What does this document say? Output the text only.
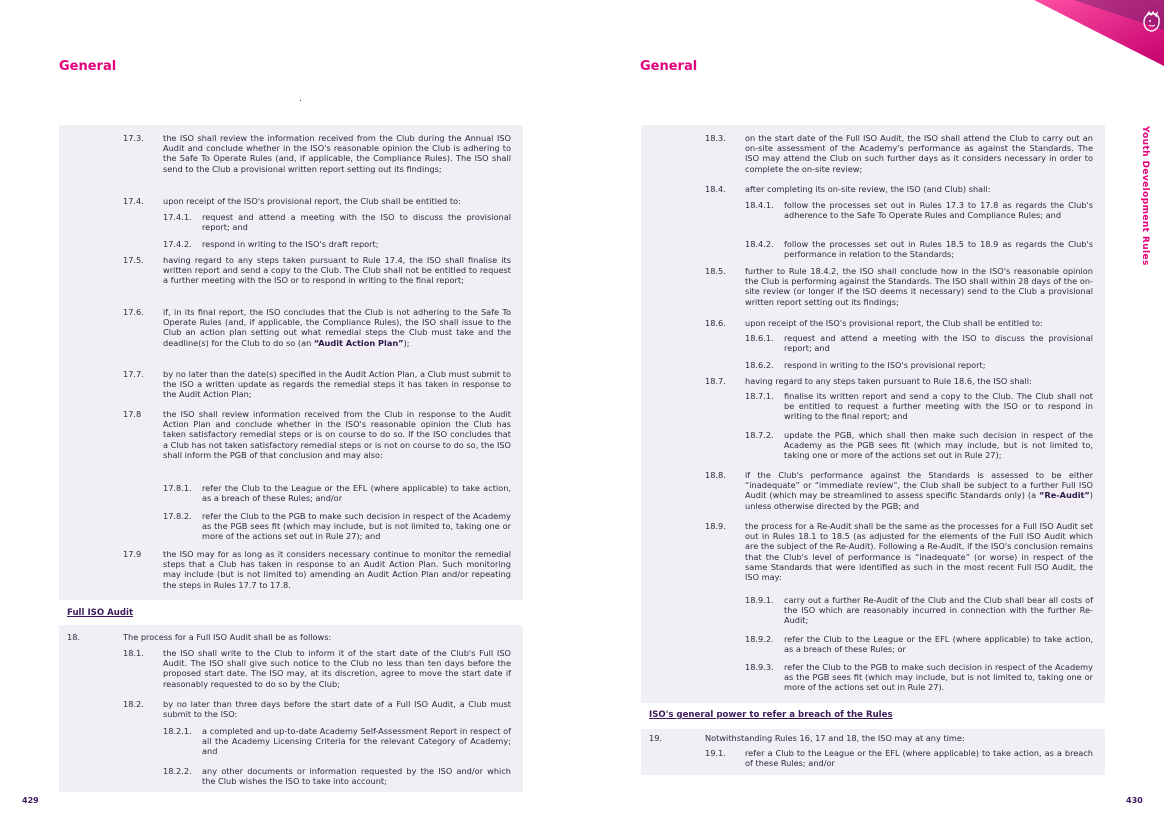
General
Full ISO Audit
17.3. the ISO shall review the information received from the Club during the Annual ISO Audit and conclude whether in the ISO's reasonable opinion the Club is adhering to the Safe To Operate Rules (and, if applicable, the Compliance Rules). The ISO shall send to the Club a provisional written report setting out its findings;
17.4. upon receipt of the ISO's provisional report, the Club shall be entitled to:
17.4.1. request and attend a meeting with the ISO to discuss the provisional report; and
17.4.2. respond in writing to the ISO's draft report;
17.5. having regard to any steps taken pursuant to Rule 17.4, the ISO shall finalise its written report and send a copy to the Club. The Club shall not be entitled to request a further meeting with the ISO or to respond in writing to the final report;
17.6. if, in its final report, the ISO concludes that the Club is not adhering to the Safe To Operate Rules (and, if applicable, the Compliance Rules), the ISO shall issue to the Club an action plan setting out what remedial steps the Club must take and the deadline(s) for the Club to do so (an “Audit Action Plan”);
17.7. by no later than the date(s) specified in the Audit Action Plan, a Club must submit to the ISO a written update as regards the remedial steps it has taken in response to the Audit Action Plan;
17.8	the ISO shall review information received from the Club in response to the Audit Action Plan and conclude whether in the ISO's reasonable opinion the Club has taken satisfactory remedial steps or is on course to do so. If the ISO concludes that a Club has not taken satisfactory remedial steps or is not on course to do so, the ISO shall inform the PGB of that conclusion and may also:
17.8.1. refer the Club to the League or the EFL (where applicable) to take action, as a breach of these Rules; and/or
17.8.2. refer the Club to the PGB to make such decision in respect of the Academy as the PGB sees fit (which may include, but is not limited to, taking one or more of the actions set out in Rule 27); and
17.9	the ISO may for as long as it considers necessary continue to monitor the remedial steps that a Club has taken in response to an Audit Action Plan. Such monitoring may include (but is not limited to) amending an Audit Action Plan and/or repeating the steps in Rules 17.7 to 17.8.
18.	The process for a Full ISO Audit shall be as follows:
18.1. the ISO shall write to the Club to inform it of the start date of the Club's Full ISO Audit. The ISO shall give such notice to the Club no less than ten days before the proposed start date. The ISO may, at its discretion, agree to move the start date if reasonably requested to do so by the Club;
18.2. by no later than three days before the start date of a Full ISO Audit, a Club must submit to the ISO:
18.2.1. a completed and up-to-date Academy Self-Assessment Report in respect of all the Academy Licensing Criteria for the relevant Category of Academy; and
18.2.2. any other documents or information requested by the ISO and/or which the Club wishes the ISO to take into account;
429
General
ISO's general power to refer a breach of the Rules
18.3. on the start date of the Full ISO Audit, the ISO shall attend the Club to carry out an on-site assessment of the Academy's performance as against the Standards. The ISO may attend the Club on such further days as it considers necessary in order to complete the on-site review;
18.4. after completing its on-site review, the ISO (and Club) shall:
18.4.1. follow the processes set out in Rules 17.3 to 17.8 as regards the Club's adherence to the Safe To Operate Rules and Compliance Rules; and
18.4.2. follow the processes set out in Rules 18.5 to 18.9 as regards the Club's performance in relation to the Standards;
18.5. further to Rule 18.4.2, the ISO shall conclude how in the ISO's reasonable opinion the Club is performing against the Standards. The ISO shall within 28 days of the on-site review (or longer if the ISO deems it necessary) send to the Club a provisional written report setting out its findings;
18.6. upon receipt of the ISO's provisional report, the Club shall be entitled to:
18.6.1. request and attend a meeting with the ISO to discuss the provisional report; and
18.6.2. respond in writing to the ISO's provisional report;
18.7. having regard to any steps taken pursuant to Rule 18.6, the ISO shall:
18.7.1. finalise its written report and send a copy to the Club. The Club shall not be entitled to request a further meeting with the ISO or to respond in writing to the final report; and
18.7.2. update the PGB, which shall then make such decision in respect of the Academy as the PGB sees fit (which may include, but is not limited to, taking one or more of the actions set out in Rule 27);
18.8. if the Club's performance against the Standards is assessed to be either “inadequate” or “immediate review”, the Club shall be subject to a further Full ISO Audit (which may be streamlined to assess specific Standards only) (a “Re-Audit”) unless otherwise directed by the PGB; and
18.9. the process for a Re-Audit shall be the same as the processes for a Full ISO Audit set out in Rules 18.1 to 18.5 (as adjusted for the elements of the Full ISO Audit which are the subject of the Re-Audit). Following a Re-Audit, if the ISO's conclusion remains that the Club's level of performance is “inadequate” (or worse) in respect of the same Standards that were identified as such in the most recent Full ISO Audit, the ISO may:
18.9.1. carry out a further Re-Audit of the Club and the Club shall bear all costs of the ISO which are reasonably incurred in connection with the further Re-Audit;
18.9.2. refer the Club to the League or the EFL (where applicable) to take action, as a breach of these Rules; or
18.9.3. refer the Club to the PGB to make such decision in respect of the Academy as the PGB sees fit (which may include, but is not limited to, taking one or more of the actions set out in Rule 27).
19.	Notwithstanding Rules 16, 17 and 18, the ISO may at any time:
19.1. refer a Club to the League or the EFL (where applicable) to take action, as a breach of these Rules; and/or
Youth Development Rules
430
